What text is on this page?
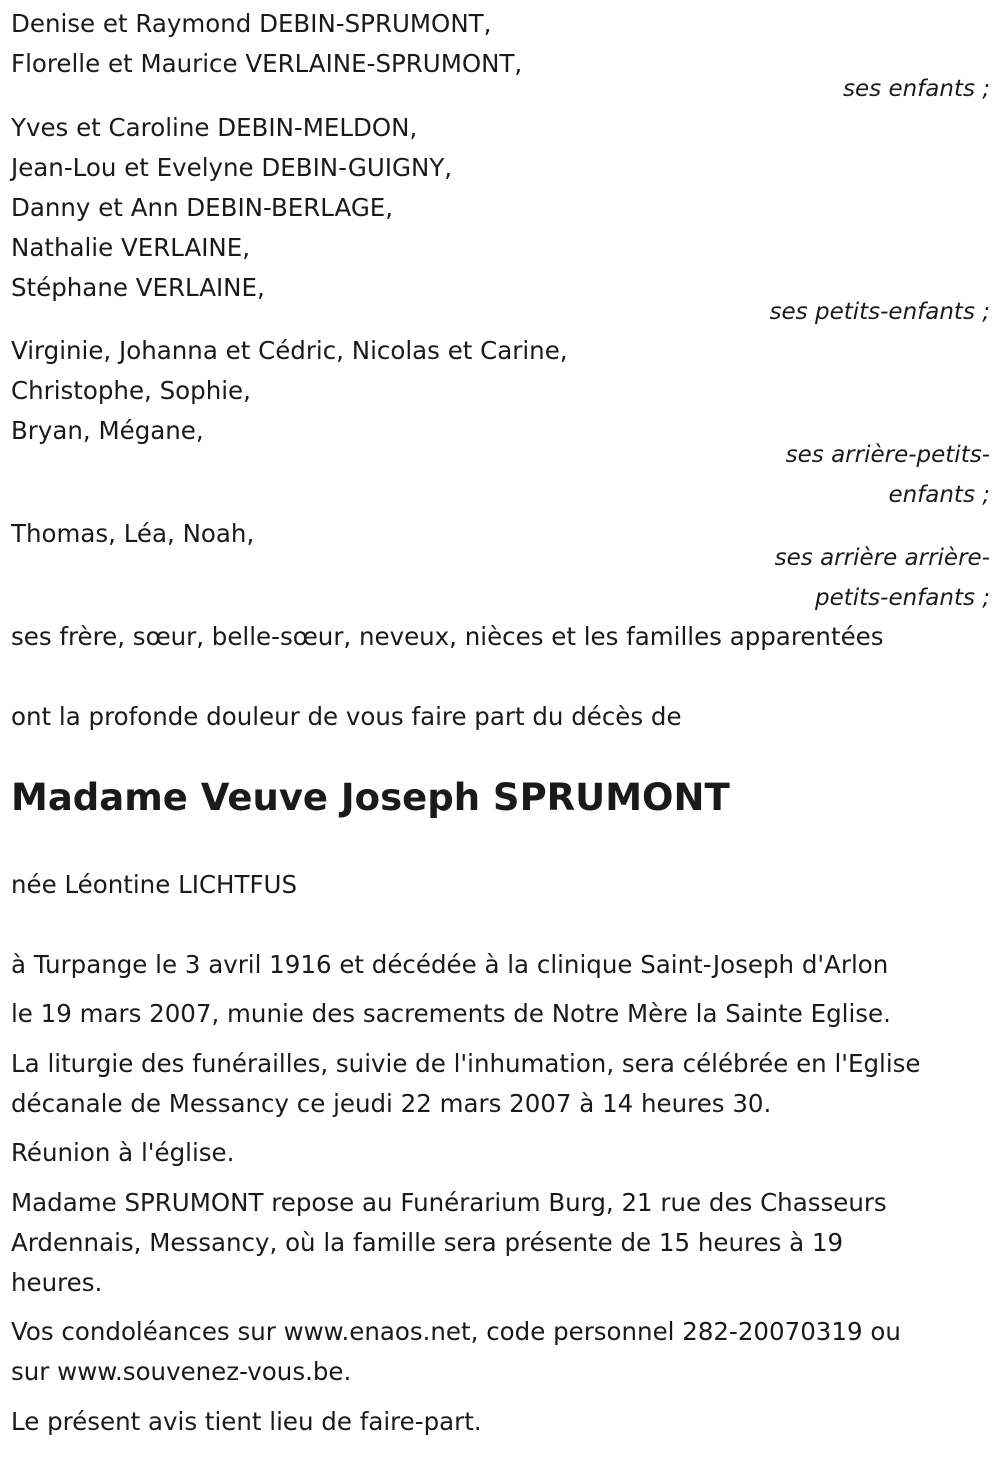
Denise et Raymond DEBIN-SPRUMONT,

Florelle et Maurice VERLAINE-SPRUMONT,

ses enfants ;

Yves et Caroline DEBIN-MELDON,

Jean-Lou et Evelyne DEBIN-GUIGNY,

Danny et Ann DEBIN-BERLAGE,

Nathalie VERLAINE,

Stéphane VERLAINE,

ses petits-enfants ;

Virginie, Johanna et Cédric, Nicolas et Carine,

Christophe, Sophie,

Bryan, Mégane,

ses arrière-petits-

enfants ;

Thomas, Léa, Noah,

ses arrière arrière-

petits-enfants ;

ses frère, sœur, belle-sœur, neveux, nièces et les familles apparentées

ont la profonde douleur de vous faire part du décès de

Madame Veuve Joseph SPRUMONT

née Léontine LICHTFUS

à Turpange le 3 avril 1916 et décédée à la clinique Saint-Joseph d'Arlon

le 19 mars 2007, munie des sacrements de Notre Mère la Sainte Eglise.

La liturgie des funérailles, suivie de l'inhumation, sera célébrée en l'Eglise

décanale de Messancy ce jeudi 22 mars 2007 à 14 heures 30.

Réunion à l'église.

Madame SPRUMONT repose au Funérarium Burg, 21 rue des Chasseurs

Ardennais, Messancy, où la famille sera présente de 15 heures à 19

heures.

Vos condoléances sur www.enaos.net, code personnel 282-20070319 ou

sur www.souvenez-vous.be.

Le présent avis tient lieu de faire-part.
